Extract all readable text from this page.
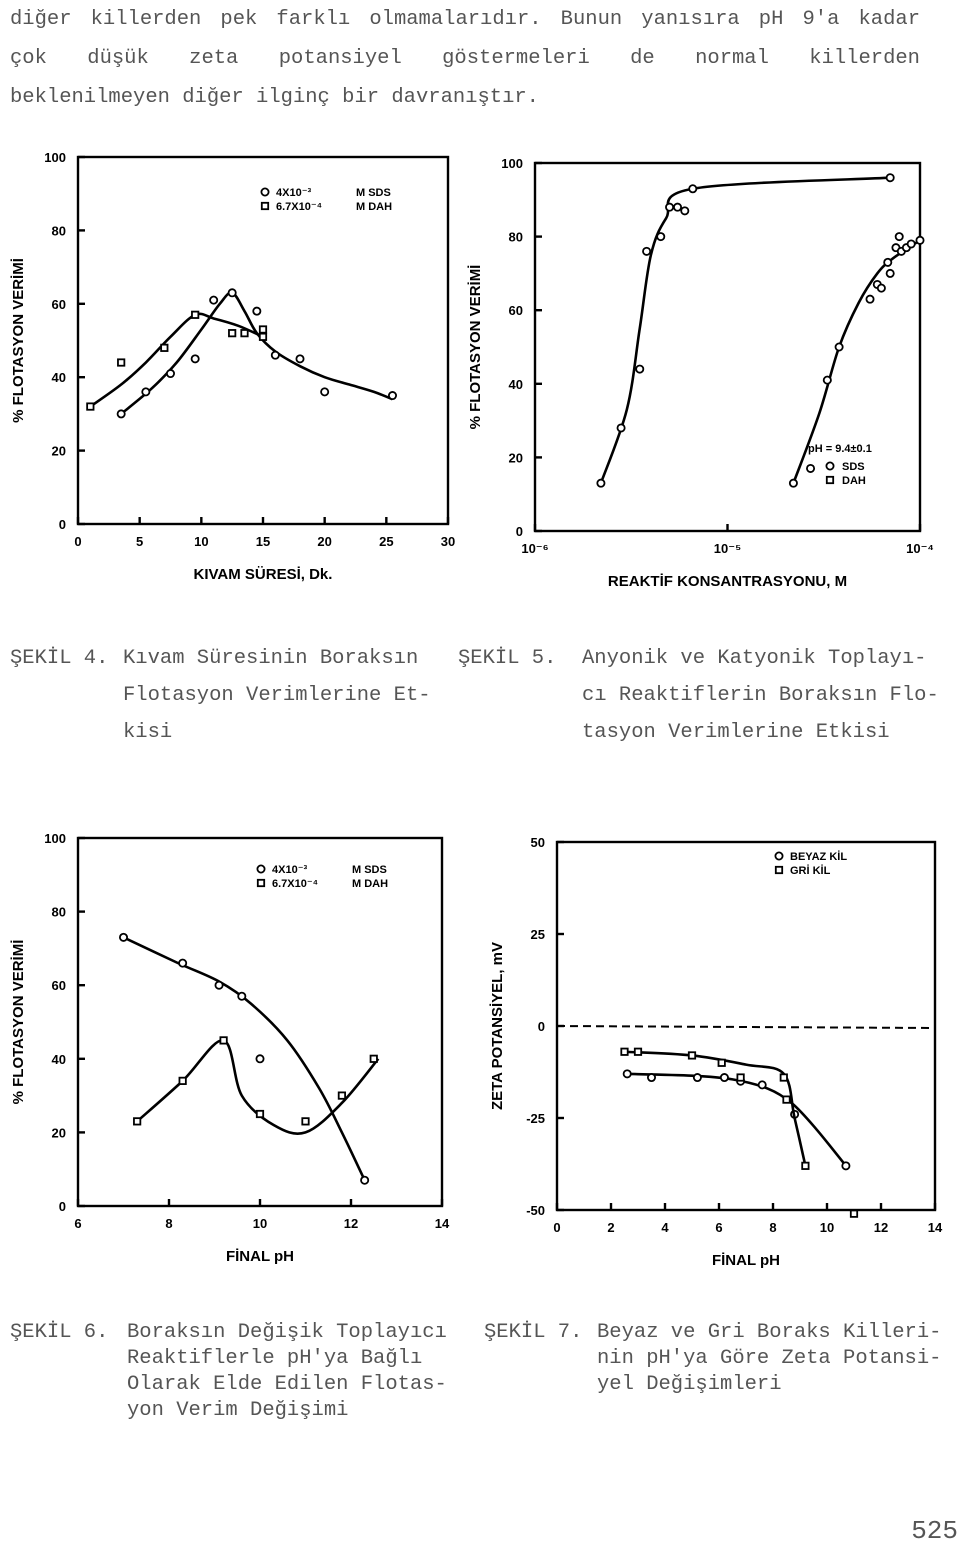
diğer killerden pek farklı olmamalarıdır. Bunun yanısıra pH 9'a kadar
çok düşük zeta potansiyel göstermeleri de normal killerden
beklenilmeyen diğer ilginç bir davranıştır.
0	5	10	15	20	25	30
0
20
40
60
80
100
KIVAM SÜRESİ, Dk.
% FLOTASYON VERİMİ
4X10⁻³	M SDS
6.7X10⁻⁴	M DAH
10⁻⁶	10⁻⁵	10⁻⁴
0
20
40
60
80
100
REAKTİF KONSANTRASYONU, M
% FLOTASYON VERİMİ
pH = 9.4±0.1
SDS
DAH
6	8	10	12	14
0
20
40
60
80
100
FİNAL pH
% FLOTASYON VERİMİ
4X10⁻³	M SDS
6.7X10⁻⁴	M DAH
0	2	4	6	8	10	12	14
-50
-25
0
25
50
FİNAL pH
ZETA POTANSİYEL, mV
BEYAZ KİL
GRİ KİL
ŞEKİL 4. Kıvam Süresinin Boraksın
Flotasyon Verimlerine Et-
kisi
ŞEKİL 5. Anyonik ve Katyonik Toplayı-
cı Reaktiflerin Boraksın Flo-
tasyon Verimlerine Etkisi
ŞEKİL 6. Boraksın Değişik Toplayıcı
Reaktiflerle pH'ya Bağlı
Olarak Elde Edilen Flotas-
yon Verim Değişimi
ŞEKİL 7. Beyaz ve Gri Boraks Killeri-
nin pH'ya Göre Zeta Potansi-
yel Değişimleri
525
